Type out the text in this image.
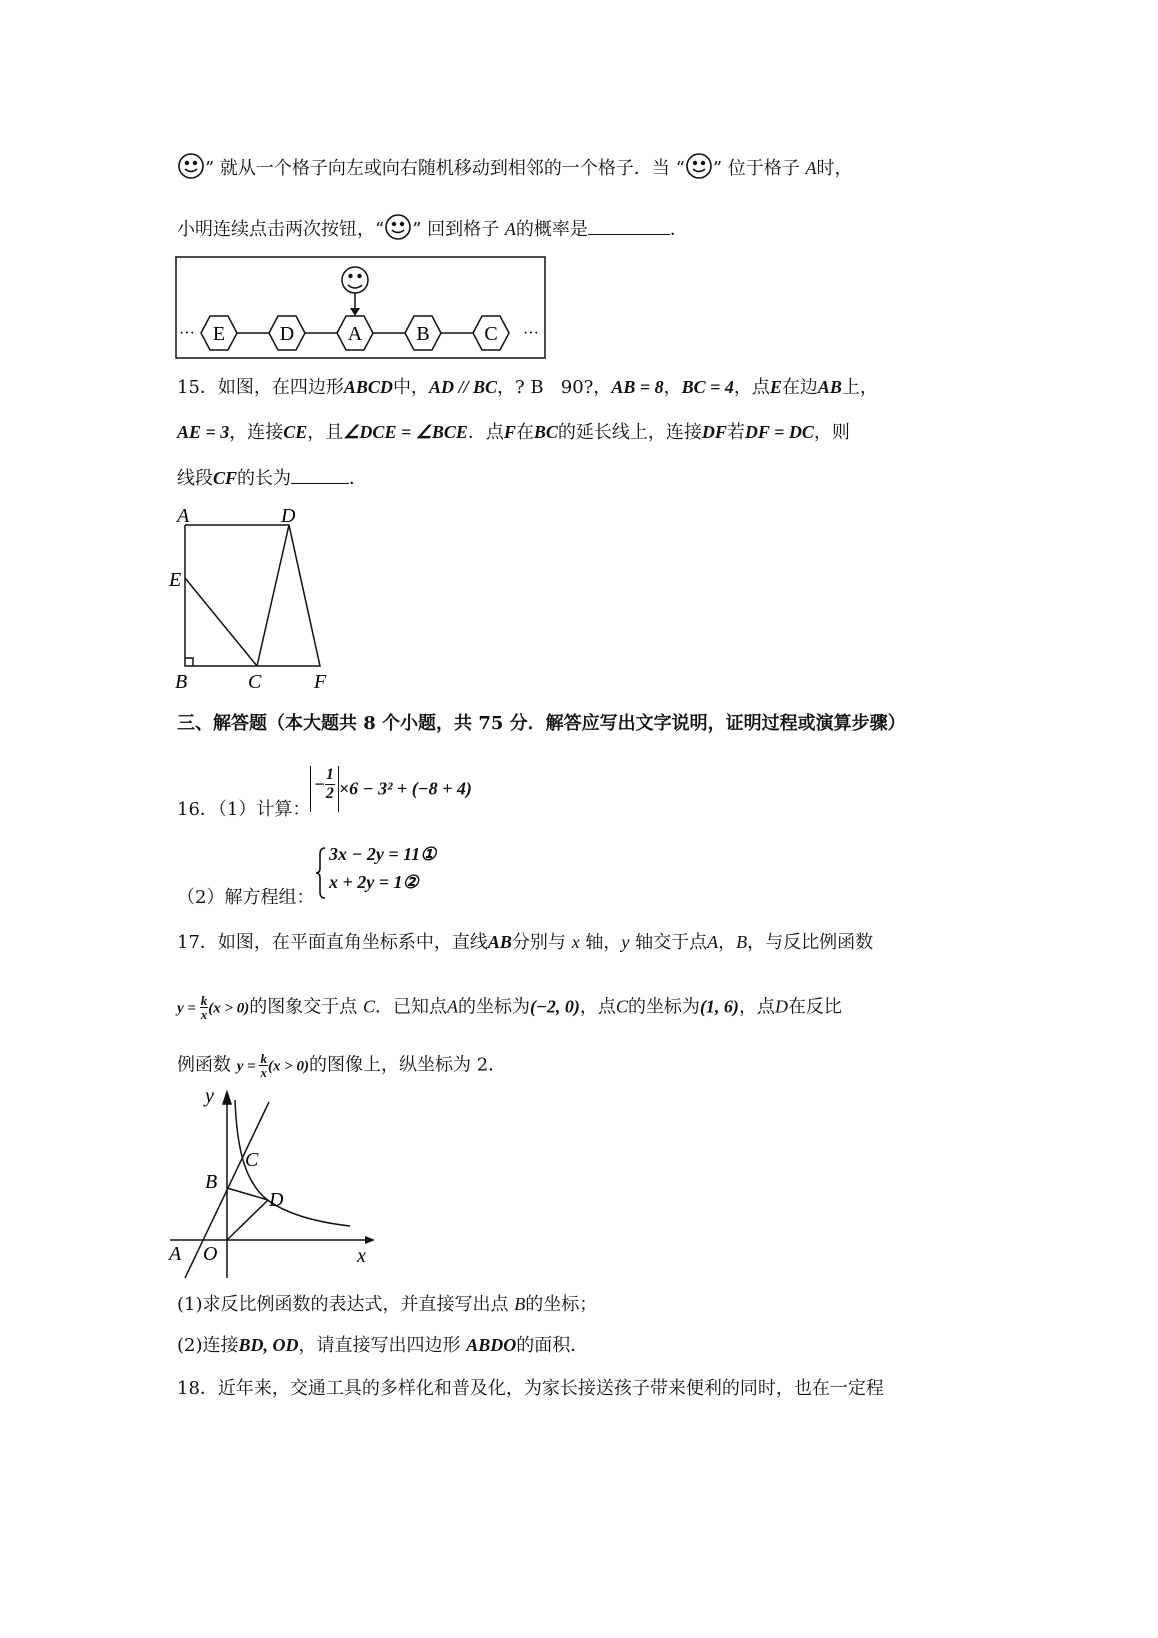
” 就从一个格子向左或向右随机移动到相邻的一个格子．当 “ ” 位于格子 A时，
小明连续点击两次按钮，“ ” 回到格子 A的概率是	．
···	···
E	D	A	B	C
15．如图，在四边形ABCD中，AD // BC，? B 90?，AB = 8，BC = 4，点E在边AB上，
AE = 3，连接CE，且∠DCE = ∠BCE．点F在BC的延长线上，连接DF若DF = DC，则
线段CF的长为	．
A	D
E
B	C	F
三、解答题（本大题共 8 个小题，共 75 分．解答应写出文字说明，证明过程或演算步骤）
16．（1）计算：
− $\frac{1}{2} \times 6 - 3^2 + (-8 + 4)$
（2）解方程组：
3x − 2y = 11①
x + 2y = 1②
17．如图，在平面直角坐标系中，直线AB分别与 x 轴，y 轴交于点A，B，与反比例函数
$y = \frac{k}{x} (x > 0)$的图象交于点 C．已知点A的坐标为(−2, 0)，点C的坐标为(1, 6)，点D在反比
例函数 $y = \frac{k}{x} (x > 0)$的图像上，纵坐标为 2．
y
C
B
D
A O	x
(1)求反比例函数的表达式，并直接写出点 B的坐标；
(2)连接BD, OD，请直接写出四边形 ABDO的面积．
18．近年来，交通工具的多样化和普及化，为家长接送孩子带来便利的同时，也在一定程
